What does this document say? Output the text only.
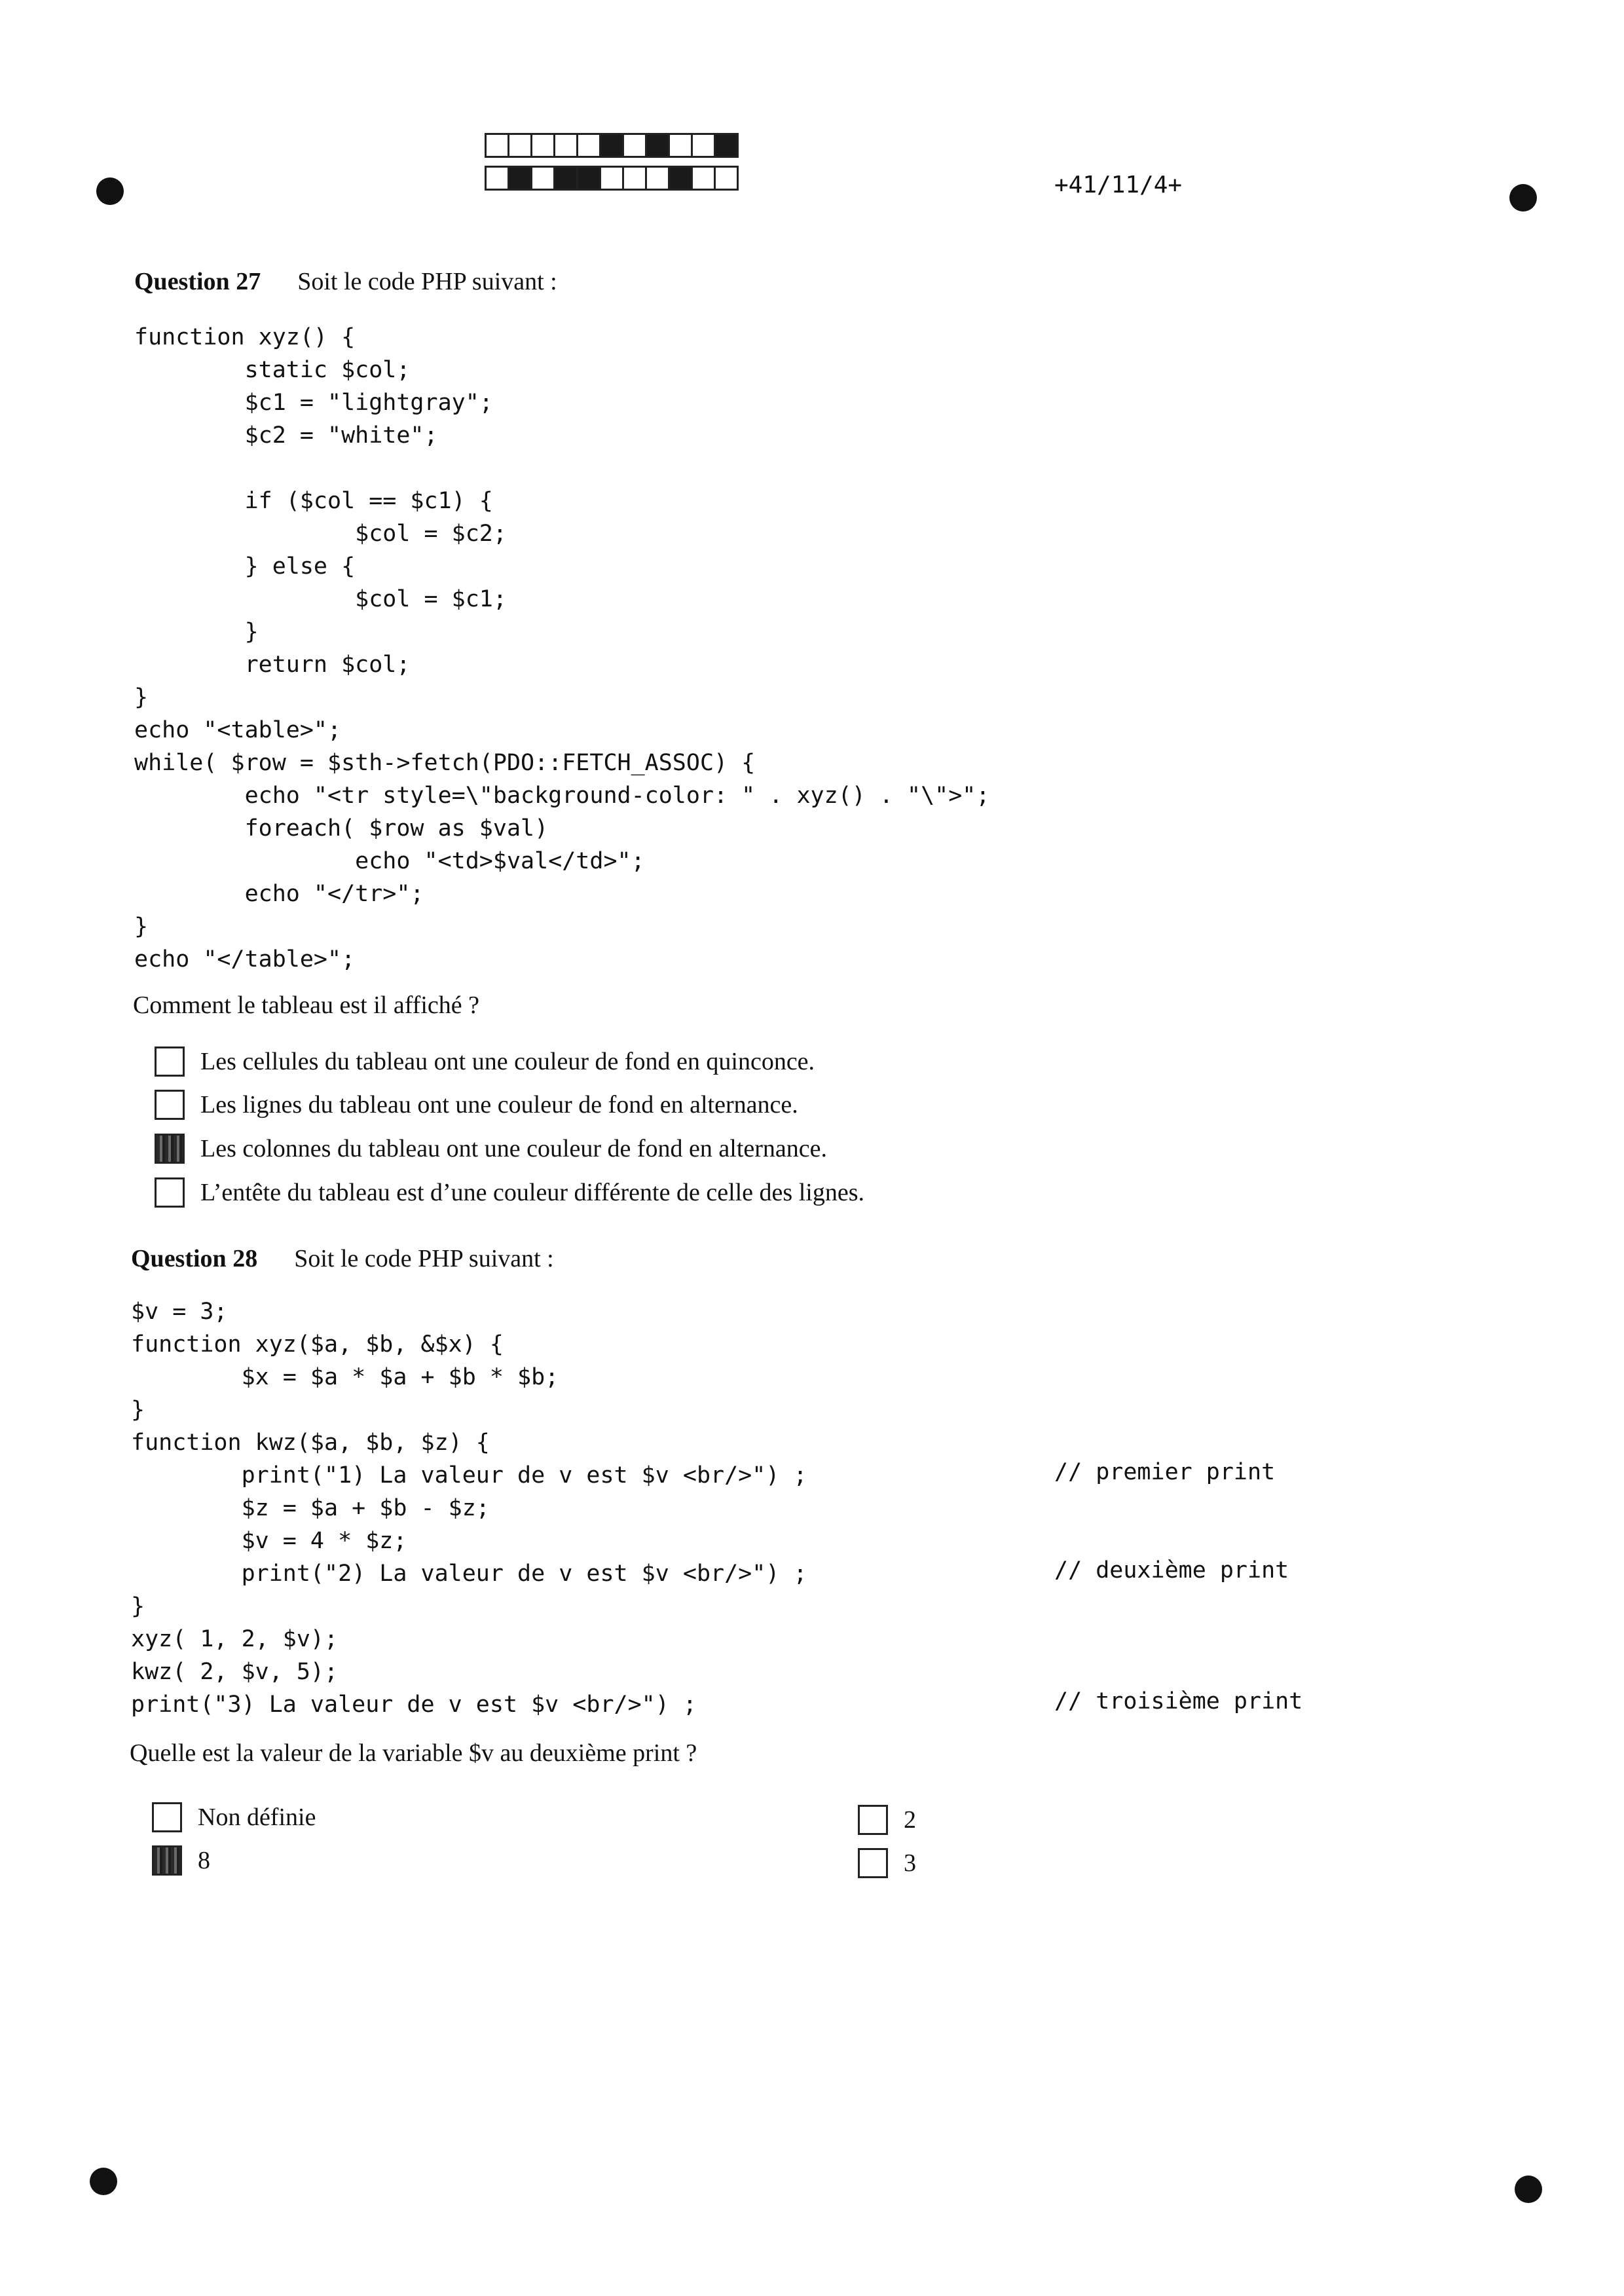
+41/11/4+
Question 27 Soit le code PHP suivant :
function xyz() {
static $col;
$c1 = "lightgray";
$c2 = "white";

if ($col == $c1) {
$col = $c2;
} else {
$col = $c1;
}
return $col;
}
echo "<table>";
while( $row = $sth->fetch(PDO::FETCH_ASSOC) {
echo "<tr style=\"background-color: " . xyz() . "\">";
foreach( $row as $val)
echo "<td>$val</td>";
echo "</tr>";
}
echo "</table>";
Comment le tableau est il affiché ?
Les cellules du tableau ont une couleur de fond en quinconce.
Les lignes du tableau ont une couleur de fond en alternance.
Les colonnes du tableau ont une couleur de fond en alternance.
L’entête du tableau est d’une couleur différente de celle des lignes.
Question 28 Soit le code PHP suivant :
$v = 3;
function xyz($a, $b, &$x) {
$x = $a * $a + $b * $b;
}
function kwz($a, $b, $z) {
print("1) La valeur de v est $v <br/>") ;
$z = $a + $b - $z;
$v = 4 * $z;
print("2) La valeur de v est $v <br/>") ;
}
xyz( 1, 2, $v);
kwz( 2, $v, 5);
print("3) La valeur de v est $v <br/>") ;
// premier print
// deuxième print
// troisième print
Quelle est la valeur de la variable $v au deuxième print ?
Non définie
8
2
3
